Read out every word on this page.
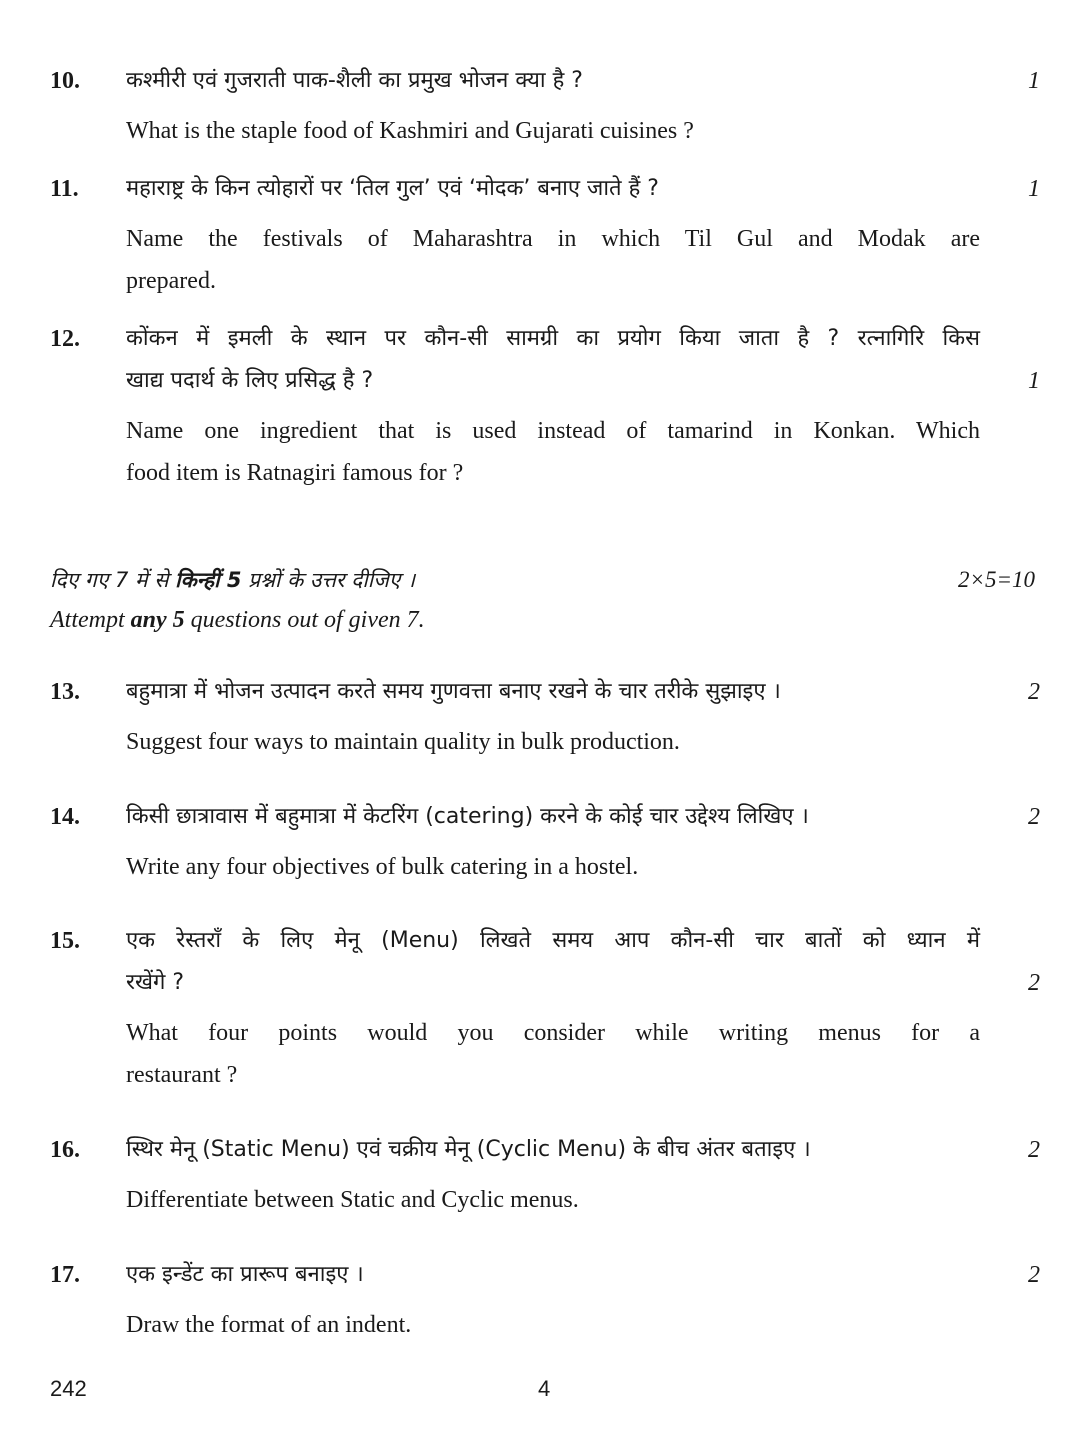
10. कश्मीरी एवं गुजराती पाक-शैली का प्रमुख भोजन क्या है ?

What is the staple food of Kashmiri and Gujarati cuisines ?

1
11. महाराष्ट्र के किन त्योहारों पर ‘तिल गुल’ एवं ‘मोदक’ बनाए जाते हैं ?

Name the festivals of Maharashtra in which Til Gul and Modak are
prepared.

1
12. कोंकन में इमली के स्थान पर कौन-सी सामग्री का प्रयोग किया जाता है ? रत्नागिरि किस

खाद्य पदार्थ के लिए प्रसिद्ध है ?

Name one ingredient that is used instead of tamarind in Konkan. Which
food item is Ratnagiri famous for ?

1

दिए गए 7 में से किन्हीं 5 प्रश्नों के उत्तर दीजिए ।

Attempt any 5 questions out of given 7.

2×5=10
13. बहुमात्रा में भोजन उत्पादन करते समय गुणवत्ता बनाए रखने के चार तरीके सुझाइए ।

Suggest four ways to maintain quality in bulk production.

2
14. किसी छात्रावास में बहुमात्रा में केटरिंग (catering) करने के कोई चार उद्देश्य लिखिए ।

Write any four objectives of bulk catering in a hostel.

2
15. एक रेस्तराँ के लिए मेनू (Menu) लिखते समय आप कौन-सी चार बातों को ध्यान में

रखेंगे ?

What four points would you consider while writing menus for a
restaurant ?

2
16. स्थिर मेनू (Static Menu) एवं चक्रीय मेनू (Cyclic Menu) के बीच अंतर बताइए ।

Differentiate between Static and Cyclic menus.

2
17. एक इन्डेंट का प्रारूप बनाइए ।

Draw the format of an indent.

2
242	4
